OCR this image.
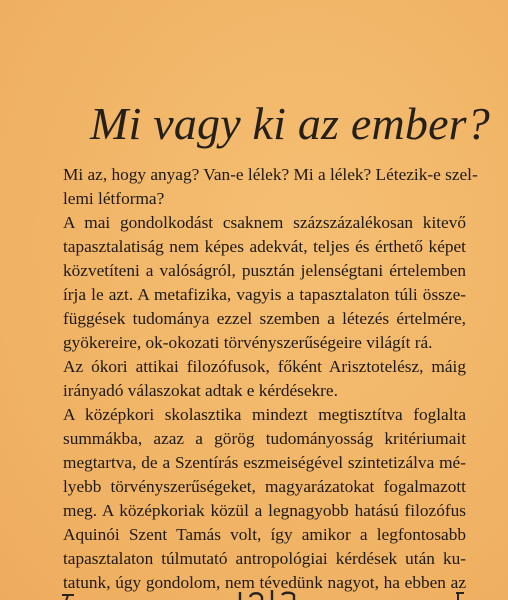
Mi vagy ki az ember?
Mi az, hogy anyag? Van-e lélek? Mi a lélek? Létezik-e szel-
lemi létforma?
A mai gondolkodást csaknem százszázalékosan kitevő
tapasztalatiság nem képes adekvát, teljes és érthető képet
közvetíteni a valóságról, pusztán jelenségtani értelemben
írja le azt. A metafizika, vagyis a tapasztalaton túli össze-
függések tudománya ezzel szemben a létezés értelmére,
gyökereire, ok-okozati törvényszerűségeire világít rá.
Az ókori attikai filozófusok, főként Arisztotelész, máig
irányadó válaszokat adtak e kérdésekre.
A középkori skolasztika mindezt megtisztítva foglalta
summákba, azaz a görög tudományosság kritériumait
megtartva, de a Szentírás eszmeiségével szintetizálva mé-
lyebb törvényszerűségeket, magyarázatokat fogalmazott
meg. A középkoriak közül a legnagyobb hatású filozófus
Aquinói Szent Tamás volt, így amikor a legfontosabb
tapasztalaton túlmutató antropológiai kérdések után ku-
tatunk, úgy gondolom, nem tévedünk nagyot, ha ebben az
